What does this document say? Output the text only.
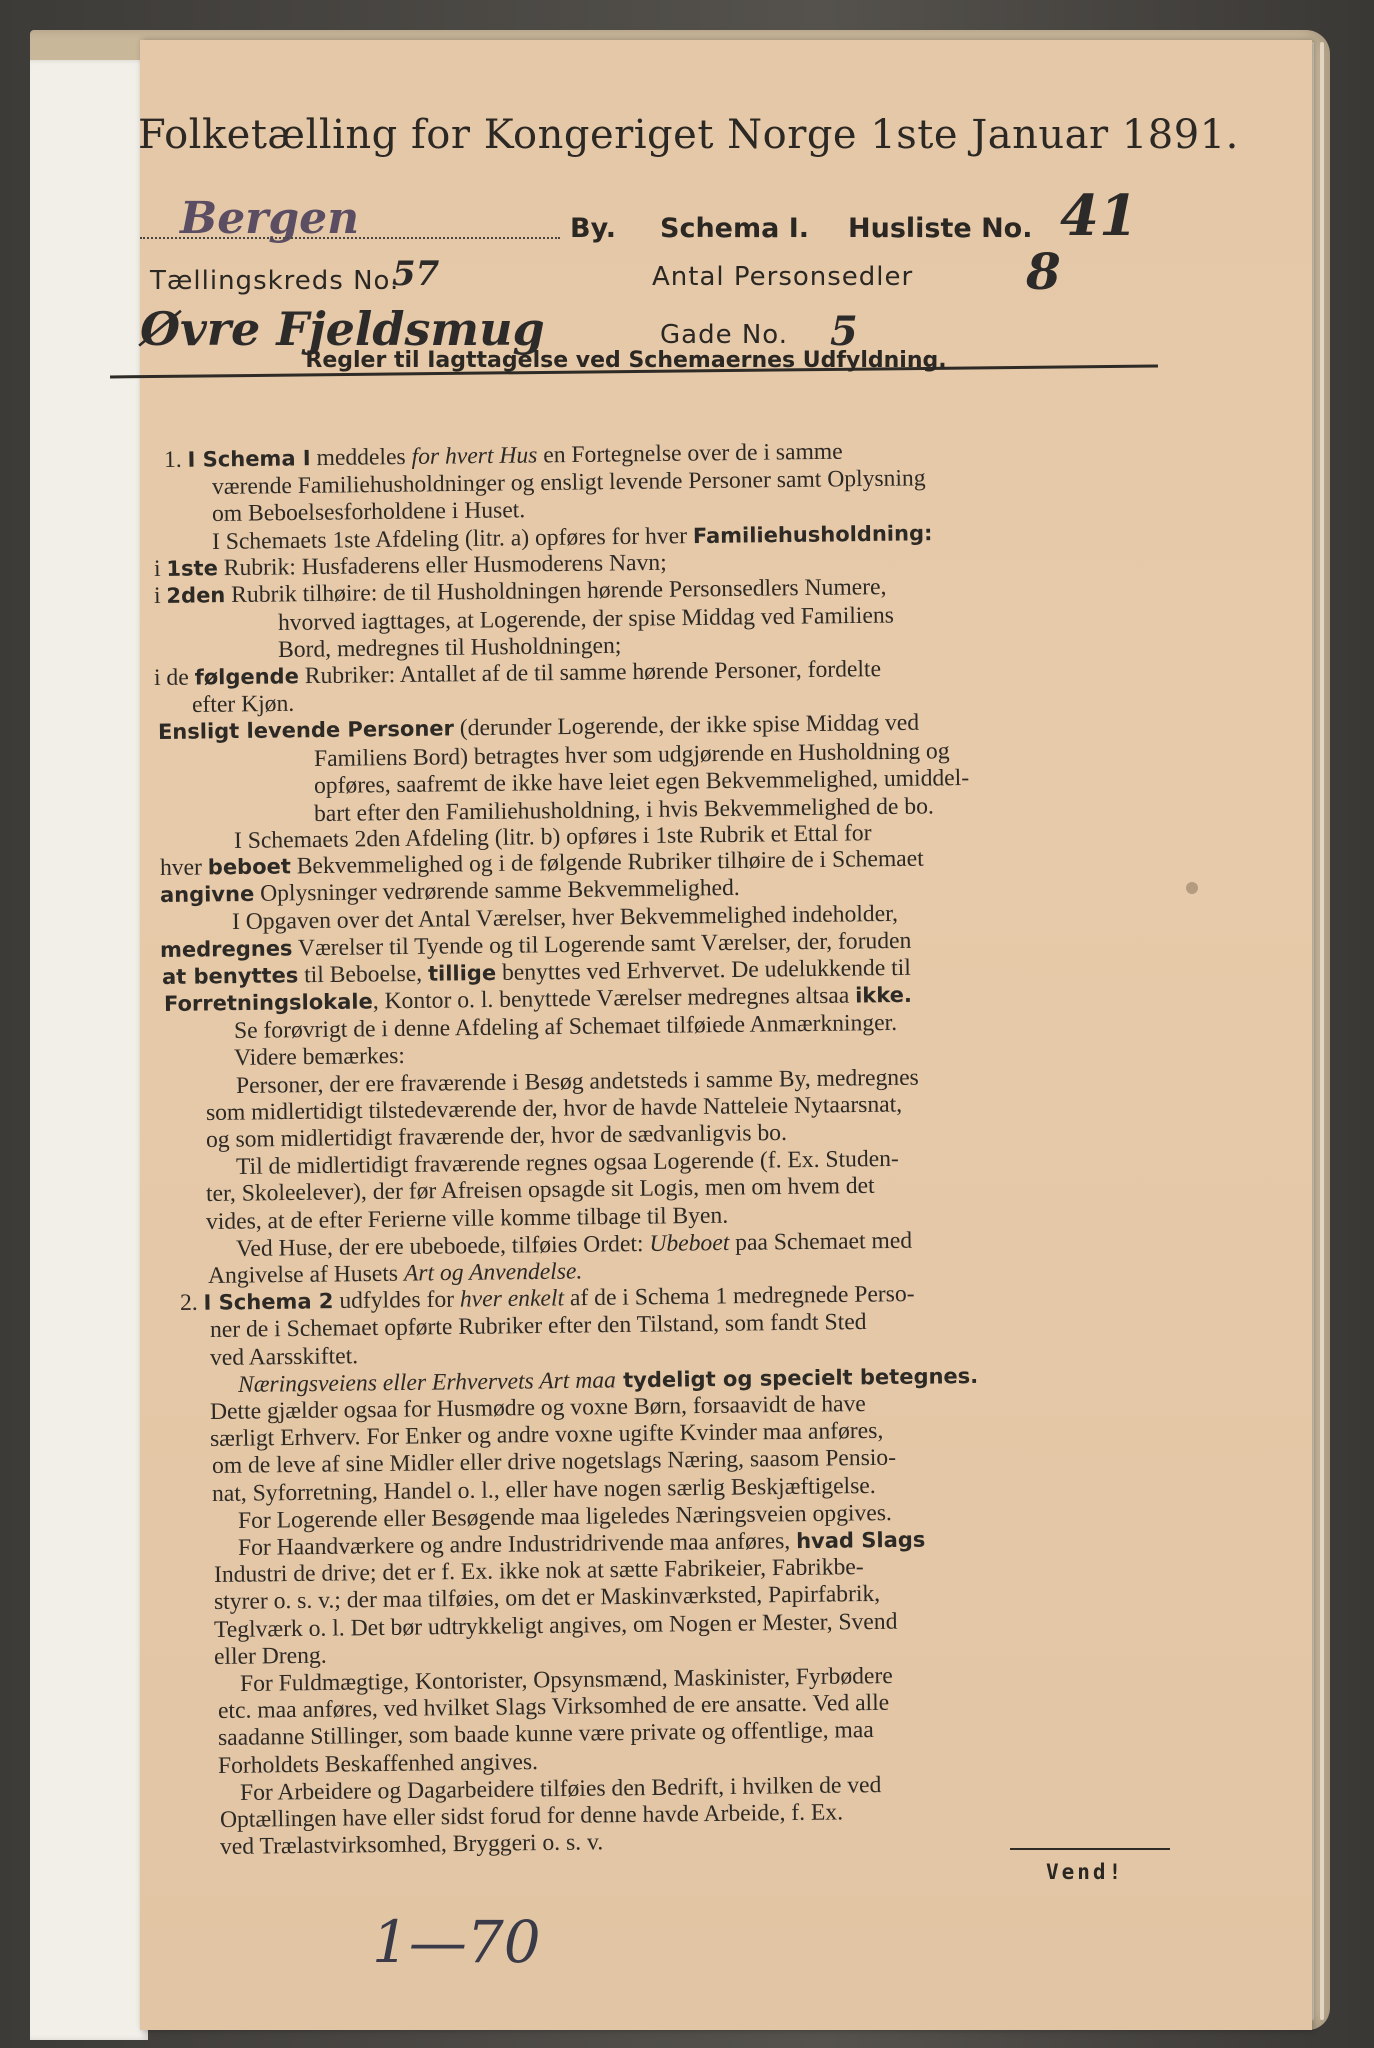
Folketælling for Kongeriget Norge 1ste Januar 1891.
Bergen	By. Schema I. Husliste No. 41
Tællingskreds No.
57	Antal Personsedler 8
Øvre Fjeldsmug	Gade No. 5
Regler til Iagttagelse ved Schemaernes Udfyldning.
1. I Schema I meddeles for hvert Hus en Fortegnelse over de i samme
værende Familiehusholdninger og ensligt levende Personer samt Oplysning
om Beboelsesforholdene i Huset.
I Schemaets 1ste Afdeling (litr. a) opføres for hver Familiehusholdning:
i 1ste Rubrik: Husfaderens eller Husmoderens Navn;
i 2den Rubrik tilhøire: de til Husholdningen hørende Personsedlers Numere,
hvorved iagttages, at Logerende, der spise Middag ved Familiens
Bord, medregnes til Husholdningen;
i de følgende Rubriker: Antallet af de til samme hørende Personer, fordelte
efter Kjøn.
Ensligt levende Personer (derunder Logerende, der ikke spise Middag ved
Familiens Bord) betragtes hver som udgjørende en Husholdning og
opføres, saafremt de ikke have leiet egen Bekvemmelighed, umiddel-
bart efter den Familiehusholdning, i hvis Bekvemmelighed de bo.
I Schemaets 2den Afdeling (litr. b) opføres i 1ste Rubrik et Ettal for
hver beboet Bekvemmelighed og i de følgende Rubriker tilhøire de i Schemaet
angivne Oplysninger vedrørende samme Bekvemmelighed.
I Opgaven over det Antal Værelser, hver Bekvemmelighed indeholder,
medregnes Værelser til Tyende og til Logerende samt Værelser, der, foruden
at benyttes til Beboelse, tillige benyttes ved Erhvervet. De udelukkende til
Forretningslokale, Kontor o. l. benyttede Værelser medregnes altsaa ikke.
Se forøvrigt de i denne Afdeling af Schemaet tilføiede Anmærkninger.
Videre bemærkes:
Personer, der ere fraværende i Besøg andetsteds i samme By, medregnes
som midlertidigt tilstedeværende der, hvor de havde Natteleie Nytaarsnat,
og som midlertidigt fraværende der, hvor de sædvanligvis bo.
Til de midlertidigt fraværende regnes ogsaa Logerende (f. Ex. Studen-
ter, Skoleelever), der før Afreisen opsagde sit Logis, men om hvem det
vides, at de efter Ferierne ville komme tilbage til Byen.
Ved Huse, der ere ubeboede, tilføies Ordet: Ubeboet paa Schemaet med
Angivelse af Husets Art og Anvendelse.
2. I Schema 2 udfyldes for hver enkelt af de i Schema 1 medregnede Perso-
ner de i Schemaet opførte Rubriker efter den Tilstand, som fandt Sted
ved Aarsskiftet.
Næringsveiens eller Erhvervets Art maa tydeligt og specielt betegnes.
Dette gjælder ogsaa for Husmødre og voxne Børn, forsaavidt de have
særligt Erhverv. For Enker og andre voxne ugifte Kvinder maa anføres,
om de leve af sine Midler eller drive nogetslags Næring, saasom Pensio-
nat, Syforretning, Handel o. l., eller have nogen særlig Beskjæftigelse.
For Logerende eller Besøgende maa ligeledes Næringsveien opgives.
For Haandværkere og andre Industridrivende maa anføres, hvad Slags
Industri de drive; det er f. Ex. ikke nok at sætte Fabrikeier, Fabrikbe-
styrer o. s. v.; der maa tilføies, om det er Maskinværksted, Papirfabrik,
Teglværk o. l. Det bør udtrykkeligt angives, om Nogen er Mester, Svend
eller Dreng.
For Fuldmægtige, Kontorister, Opsynsmænd, Maskinister, Fyrbødere
etc. maa anføres, ved hvilket Slags Virksomhed de ere ansatte. Ved alle
saadanne Stillinger, som baade kunne være private og offentlige, maa
Forholdets Beskaffenhed angives.
For Arbeidere og Dagarbeidere tilføies den Bedrift, i hvilken de ved
Optællingen have eller sidst forud for denne havde Arbeide, f. Ex.
ved Trælastvirksomhed, Bryggeri o. s. v.
Vend!
1—70
